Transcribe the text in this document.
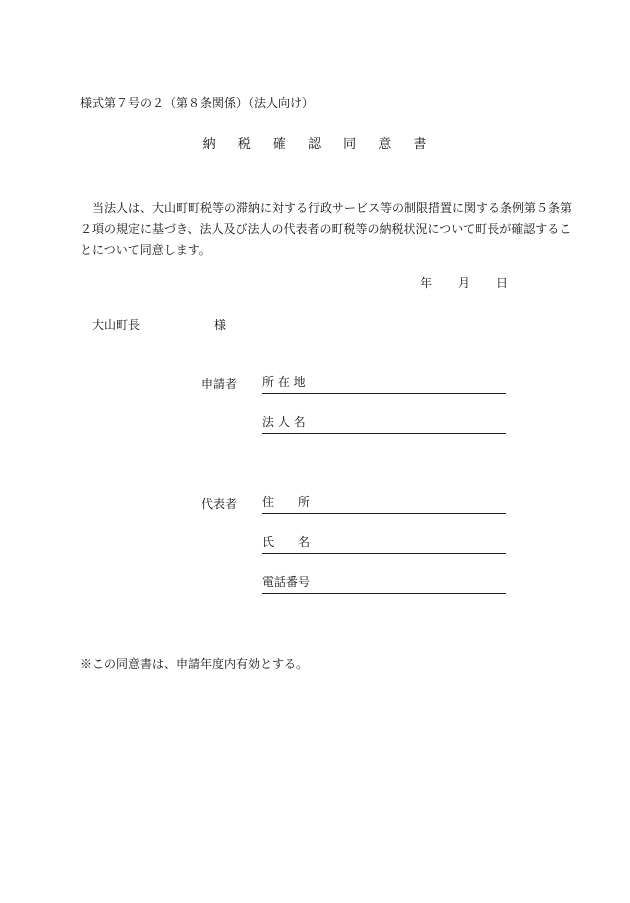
様式第７号の２（第８条関係）（法人向け）
納 税 確 認 同 意 書
　当法人は、大山町町税等の滞納に対する行政サービス等の制限措置に関する条例第５条第
２項の規定に基づき、法人及び法人の代表者の町税等の納税状況について町長が確認するこ
とについて同意します。
年 月 日
大山町長	様
申請者 所 在 地
法 人 名
代表者 住　　所
氏　　名
電話番号
※この同意書は、申請年度内有効とする。
